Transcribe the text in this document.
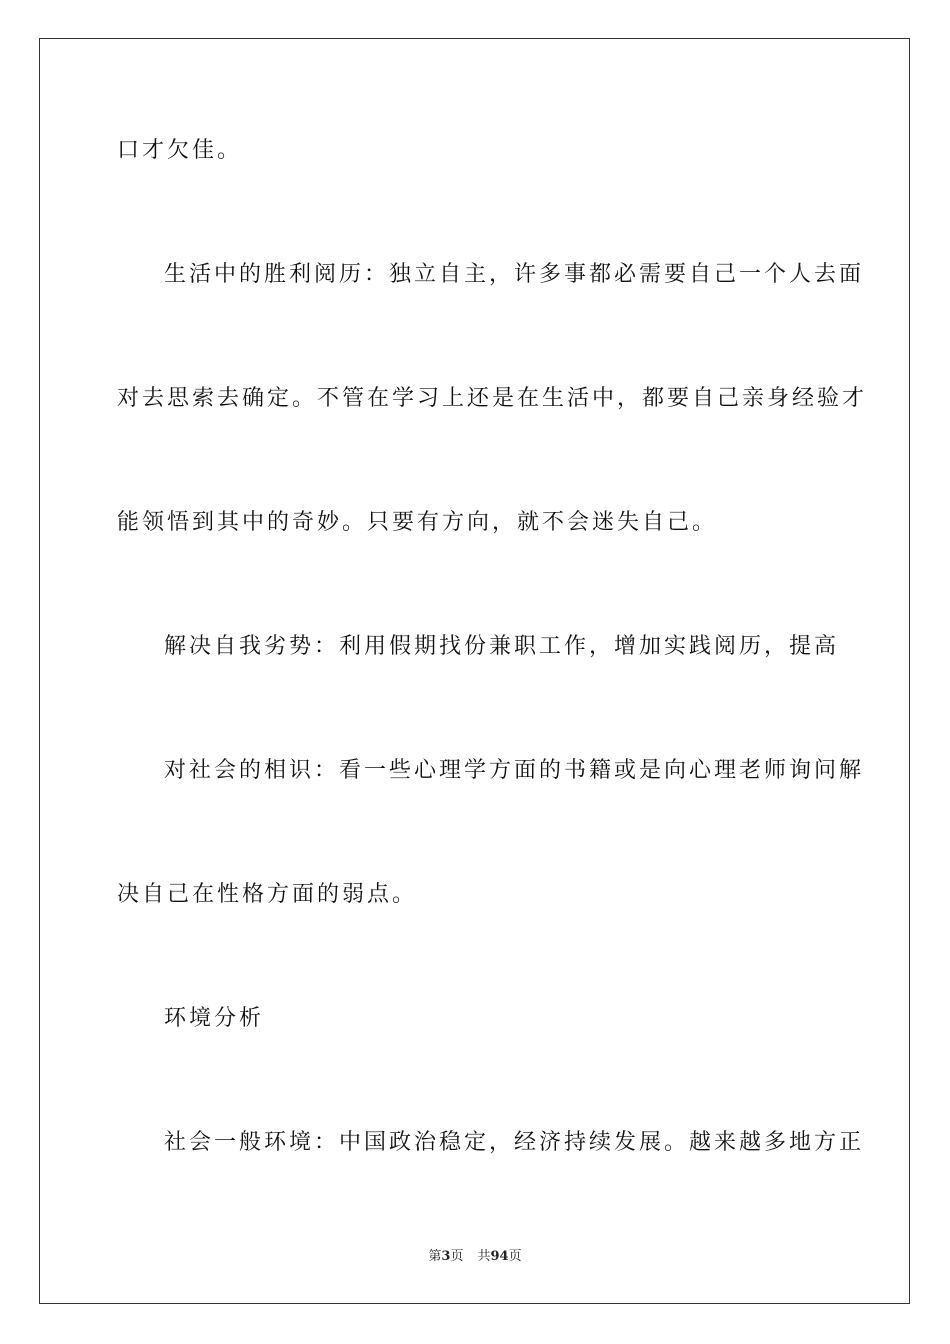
口才欠佳。
生活中的胜利阅历：独立自主，许多事都必需要自己一个人去面
对去思索去确定。不管在学习上还是在生活中，都要自己亲身经验才
能领悟到其中的奇妙。只要有方向，就不会迷失自己。
解决自我劣势：利用假期找份兼职工作，增加实践阅历，提高
对社会的相识：看一些心理学方面的书籍或是向心理老师询问解
决自己在性格方面的弱点。
环境分析
社会一般环境：中国政治稳定，经济持续发展。越来越多地方正
第3页 共94页
